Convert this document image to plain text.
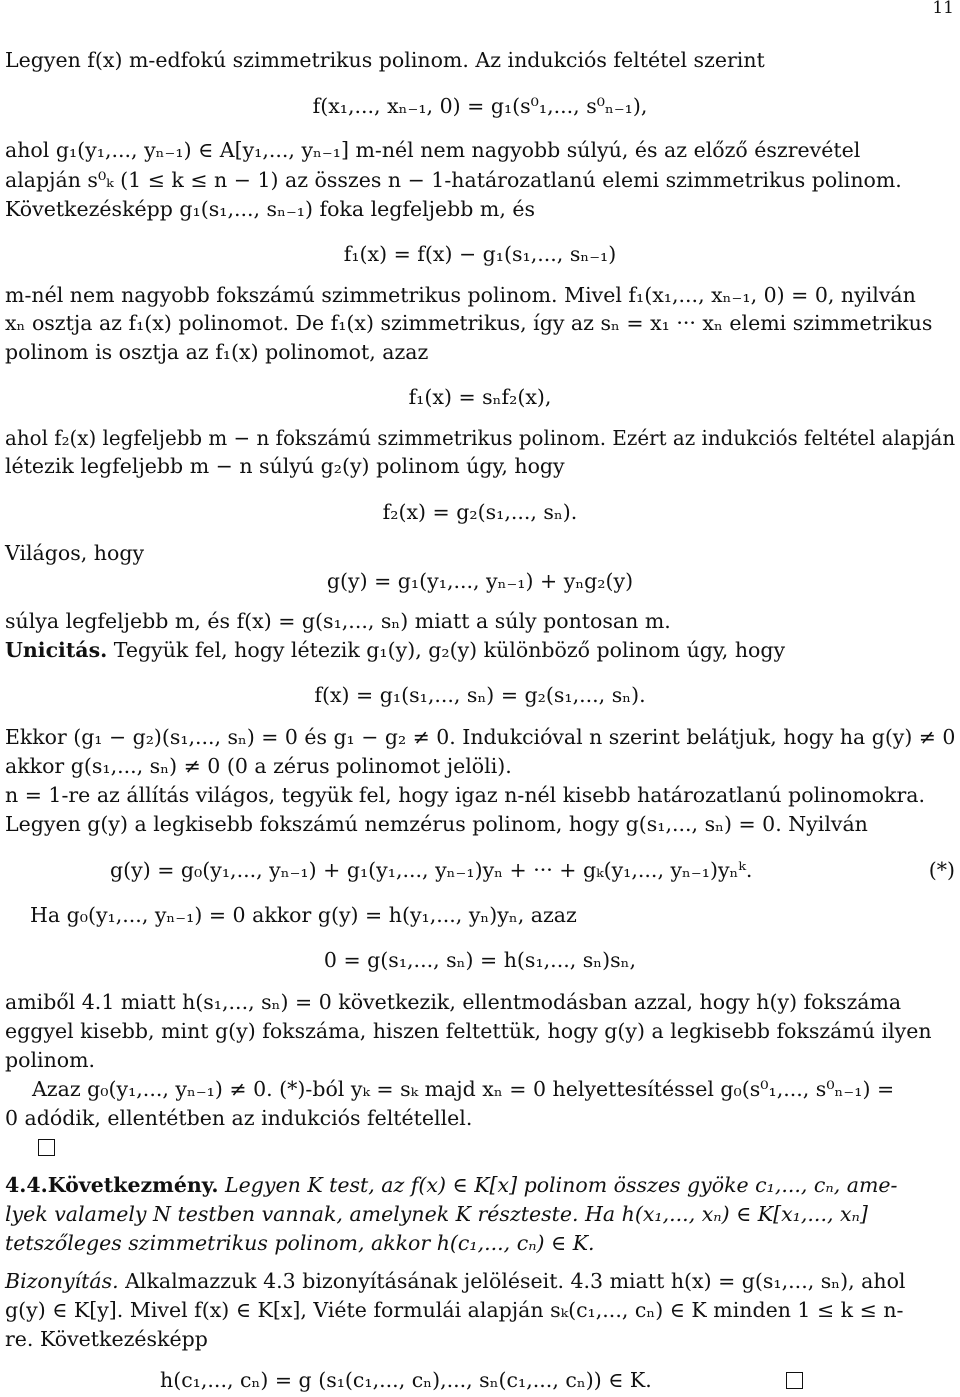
11
Legyen f(x) m-edfokú szimmetrikus polinom. Az indukciós feltétel szerint
f(x₁,..., xₙ₋₁, 0) = g₁(s⁰₁,..., s⁰ₙ₋₁),
ahol g₁(y₁,..., yₙ₋₁) ∈ A[y₁,..., yₙ₋₁] m-nél nem nagyobb súlyú, és az előző észrevétel
alapján s⁰ₖ (1 ≤ k ≤ n − 1) az összes n − 1-határozatlanú elemi szimmetrikus polinom.
Következésképp g₁(s₁,..., sₙ₋₁) foka legfeljebb m, és
f₁(x) = f(x) − g₁(s₁,..., sₙ₋₁)
m-nél nem nagyobb fokszámú szimmetrikus polinom. Mivel f₁(x₁,..., xₙ₋₁, 0) = 0, nyilván
xₙ osztja az f₁(x) polinomot. De f₁(x) szimmetrikus, így az sₙ = x₁ ··· xₙ elemi szimmetrikus
polinom is osztja az f₁(x) polinomot, azaz
f₁(x) = sₙf₂(x),
ahol f₂(x) legfeljebb m − n fokszámú szimmetrikus polinom. Ezért az indukciós feltétel alapján
létezik legfeljebb m − n súlyú g₂(y) polinom úgy, hogy
f₂(x) = g₂(s₁,..., sₙ).
Világos, hogy
g(y) = g₁(y₁,..., yₙ₋₁) + yₙg₂(y)
súlya legfeljebb m, és f(x) = g(s₁,..., sₙ) miatt a súly pontosan m.
Unicitás. Tegyük fel, hogy létezik g₁(y), g₂(y) különböző polinom úgy, hogy
f(x) = g₁(s₁,..., sₙ) = g₂(s₁,..., sₙ).
Ekkor (g₁ − g₂)(s₁,..., sₙ) = 0 és g₁ − g₂ ≠ 0. Indukcióval n szerint belátjuk, hogy ha g(y) ≠ 0
akkor g(s₁,..., sₙ) ≠ 0 (0 a zérus polinomot jelöli).
n = 1-re az állítás világos, tegyük fel, hogy igaz n-nél kisebb határozatlanú polinomokra.
Legyen g(y) a legkisebb fokszámú nemzérus polinom, hogy g(s₁,..., sₙ) = 0. Nyilván
g(y) = g₀(y₁,..., yₙ₋₁) + g₁(y₁,..., yₙ₋₁)yₙ + ··· + gₖ(y₁,..., yₙ₋₁)yₙᵏ.	(*)
Ha g₀(y₁,..., yₙ₋₁) = 0 akkor g(y) = h(y₁,..., yₙ)yₙ, azaz
0 = g(s₁,..., sₙ) = h(s₁,..., sₙ)sₙ,
amiből 4.1 miatt h(s₁,..., sₙ) = 0 következik, ellentmodásban azzal, hogy h(y) fokszáma
eggyel kisebb, mint g(y) fokszáma, hiszen feltettük, hogy g(y) a legkisebb fokszámú ilyen
polinom.
Azaz g₀(y₁,..., yₙ₋₁) ≠ 0. (*)-ból yₖ = sₖ majd xₙ = 0 helyettesítéssel g₀(s⁰₁,..., s⁰ₙ₋₁) =
0 adódik, ellentétben az indukciós feltétellel.
4.4.Következmény. Legyen K test, az f(x) ∈ K[x] polinom összes gyöke c₁,..., cₙ, ame-
lyek valamely N testben vannak, amelynek K részteste. Ha h(x₁,..., xₙ) ∈ K[x₁,..., xₙ]
tetszőleges szimmetrikus polinom, akkor h(c₁,..., cₙ) ∈ K.
Bizonyítás. Alkalmazzuk 4.3 bizonyításának jelöléseit. 4.3 miatt h(x) = g(s₁,..., sₙ), ahol
g(y) ∈ K[y]. Mivel f(x) ∈ K[x], Viéte formulái alapján sₖ(c₁,..., cₙ) ∈ K minden 1 ≤ k ≤ n-
re. Következésképp
h(c₁,..., cₙ) = g (s₁(c₁,..., cₙ),..., sₙ(c₁,..., cₙ)) ∈ K.
